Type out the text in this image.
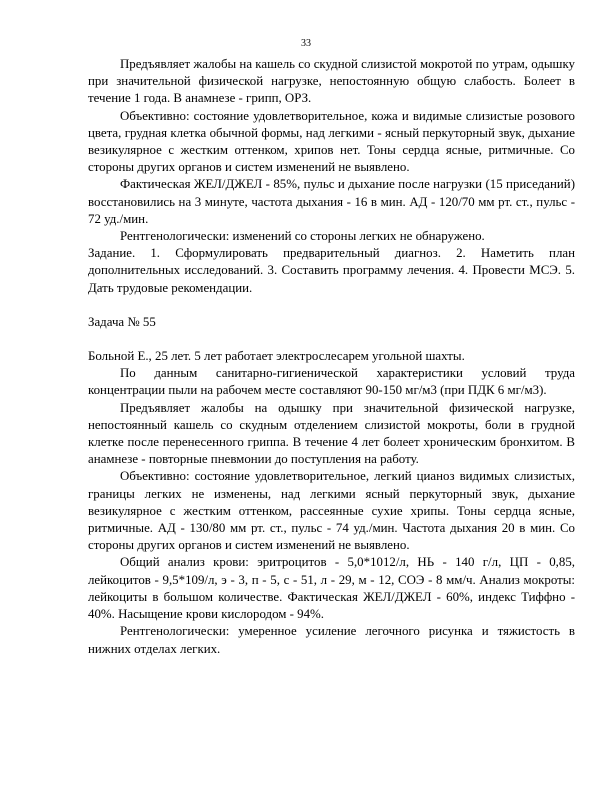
33

Предъявляет жалобы на кашель со скудной слизистой мокротой по утрам, одышку при значительной физической нагрузке, непостоянную общую слабость. Болеет в течение 1 года. В анамнезе - грипп, ОРЗ.

Объективно: состояние удовлетворительное, кожа и видимые слизистые розового цвета, грудная клетка обычной формы, над легкими - ясный перкуторный звук, дыхание везикулярное с жестким оттенком, хрипов нет. Тоны сердца ясные, ритмичные. Со стороны других органов и систем изменений не выявлено.

Фактическая ЖЕЛ/ДЖЕЛ - 85%, пульс и дыхание после нагрузки (15 приседаний) восстановились на 3 минуте, частота дыхания - 16 в мин. АД - 120/70 мм рт. ст., пульс - 72 уд./мин.

Рентгенологически: изменений со стороны легких не обнаружено.

Задание. 1. Сформулировать предварительный диагноз. 2. Наметить план дополнительных исследований. 3. Составить программу лечения. 4. Провести МСЭ. 5. Дать трудовые рекомендации.

Задача № 55

Больной Е., 25 лет. 5 лет работает электрослесарем угольной шахты.

По данным санитарно-гигиенической характеристики условий труда концентрации пыли на рабочем месте составляют 90-150 мг/м3 (при ПДК 6 мг/м3).

Предъявляет жалобы на одышку при значительной физической нагрузке, непостоянный кашель со скудным отделением слизистой мокроты, боли в грудной клетке после перенесенного гриппа. В течение 4 лет болеет хроническим бронхитом. В анамнезе - повторные пневмонии до поступления на работу.

Объективно: состояние удовлетворительное, легкий цианоз видимых слизистых, границы легких не изменены, над легкими ясный перкуторный звук, дыхание везикулярное с жестким оттенком, рассеянные сухие хрипы. Тоны сердца ясные, ритмичные. АД - 130/80 мм рт. ст., пульс - 74 уд./мин. Частота дыхания 20 в мин. Со стороны других органов и систем изменений не выявлено.

Общий анализ крови: эритроцитов - 5,0*1012/л, НЬ - 140 г/л, ЦП - 0,85, лейкоцитов - 9,5*109/л, э - 3, п - 5, с - 51, л - 29, м - 12, СОЭ - 8 мм/ч. Анализ мокроты: лейкоциты в большом количестве. Фактическая ЖЕЛ/ДЖЕЛ - 60%, индекс Тиффно - 40%. Насыщение крови кислородом - 94%.

Рентгенологически: умеренное усиление легочного рисунка и тяжистость в нижних отделах легких.
